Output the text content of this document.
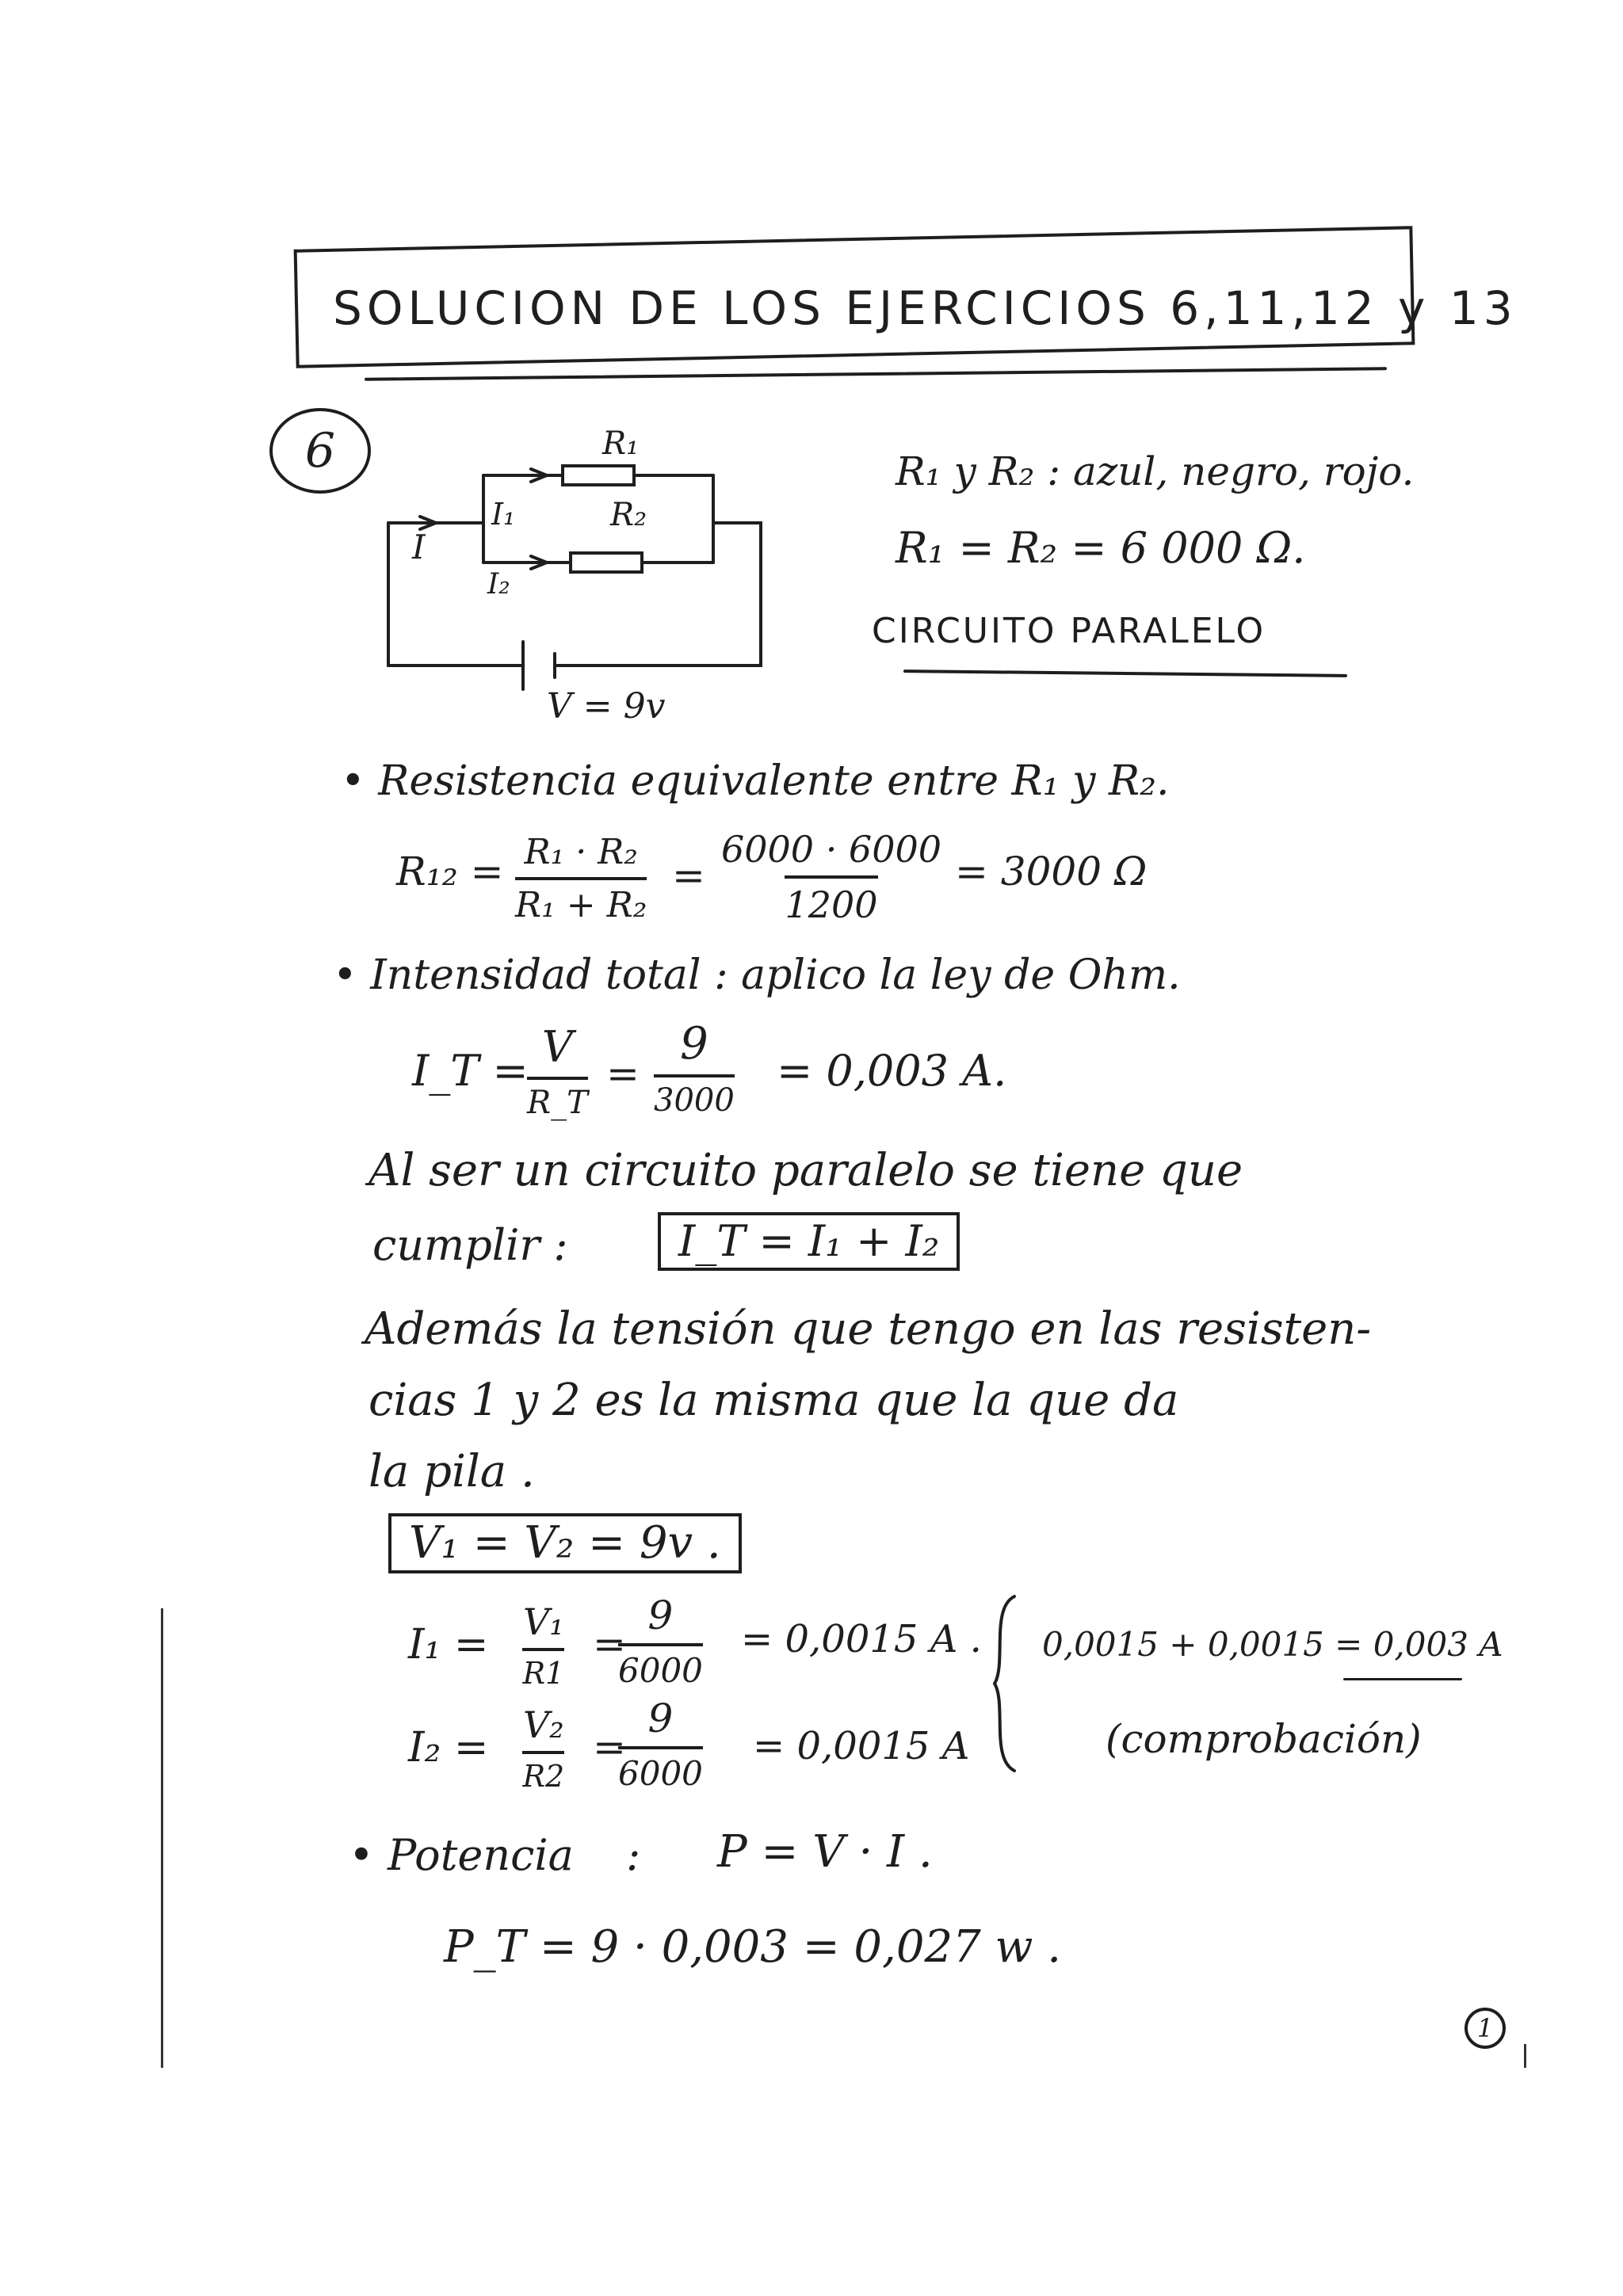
SOLUCION DE LOS EJERCICIOS 6,11,12 y 13
6
I
I₁
I₂
R₁
R₂
V = 9v
R₁ y R₂ : azul, negro, rojo.
R₁ = R₂ = 6 000 Ω.
CIRCUITO PARALELO
• Resistencia equivalente entre R₁ y R₂.
$R_{12} = \frac{\text{R₁ · R₂}}{\text{R₁ + R₂}} = \frac{6000 \cdot 6000}{1200} = 3000$ Ω
• Intensidad total : aplico la ley de Ohm.
I_T = V
R_T
=
9
3000
= 0,003 A.
Al ser un circuito paralelo se tiene que
cumplir :	I_T = I₁ + I₂
Además la tensión que tengo en las resisten-
cias 1 y 2 es la misma que la que da
la pila .
V₁ = V₂ = 9v .
I₁ = V₁
R1
=
9
6000
= 0,0015 A .
I₂ = V₂
R2
=
9
6000
= 0,0015 A
0,0015 + 0,0015 = 0,003 A
(comprobación)
• Potencia : P = V · I .
P_T = 9 · 0,003 = 0,027 w .
1
